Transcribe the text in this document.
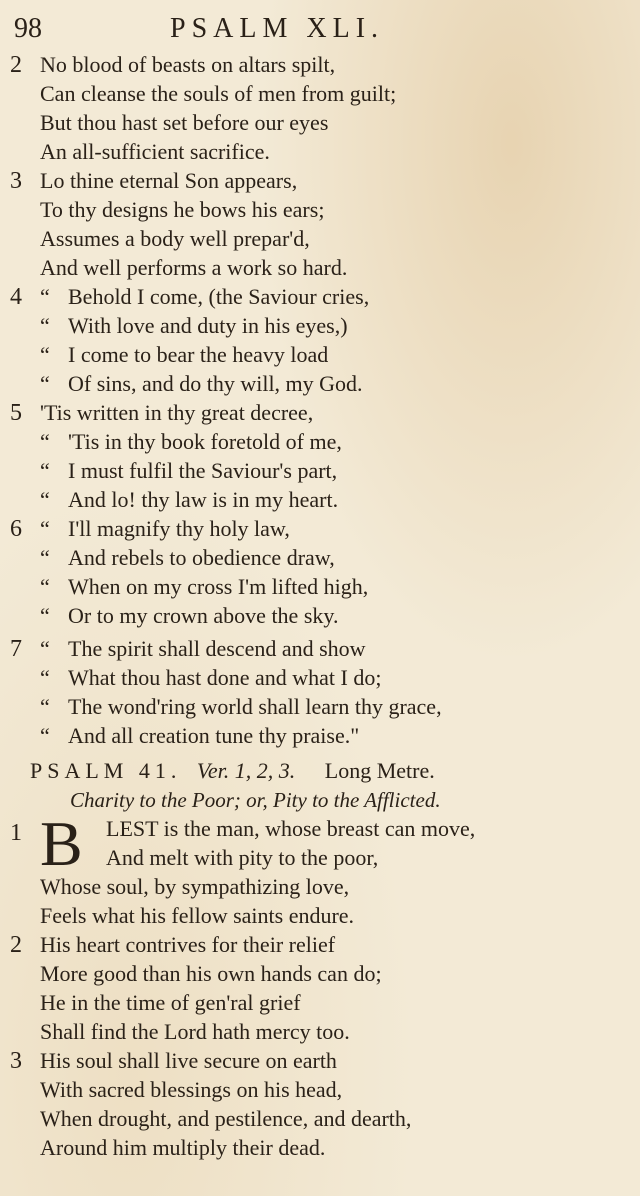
98	PSALM XLI.
2 No blood of beasts on altars spilt,
Can cleanse the souls of men from guilt;
But thou hast set before our eyes
An all-sufficient sacrifice.
3 Lo thine eternal Son appears,
To thy designs he bows his ears;
Assumes a body well prepar'd,
And well performs a work so hard.
4 “ Behold I come, (the Saviour cries,
“ With love and duty in his eyes,)
“ I come to bear the heavy load
“ Of sins, and do thy will, my God.
5 'Tis written in thy great decree,
“ 'Tis in thy book foretold of me,
“ I must fulfil the Saviour's part,
“ And lo! thy law is in my heart.
6 “ I'll magnify thy holy law,
“ And rebels to obedience draw,
“ When on my cross I'm lifted high,
“ Or to my crown above the sky.
7 “ The spirit shall descend and show
“ What thou hast done and what I do;
“ The wond'ring world shall learn thy grace,
“ And all creation tune thy praise."
PSALM 41. Ver. 1, 2, 3. Long Metre.
Charity to the Poor; or, Pity to the Afflicted.
1 B LEST is the man, whose breast can move,
And melt with pity to the poor,
Whose soul, by sympathizing love,
Feels what his fellow saints endure.
2 His heart contrives for their relief
More good than his own hands can do;
He in the time of gen'ral grief
Shall find the Lord hath mercy too.
3 His soul shall live secure on earth
With sacred blessings on his head,
When drought, and pestilence, and dearth,
Around him multiply their dead.
